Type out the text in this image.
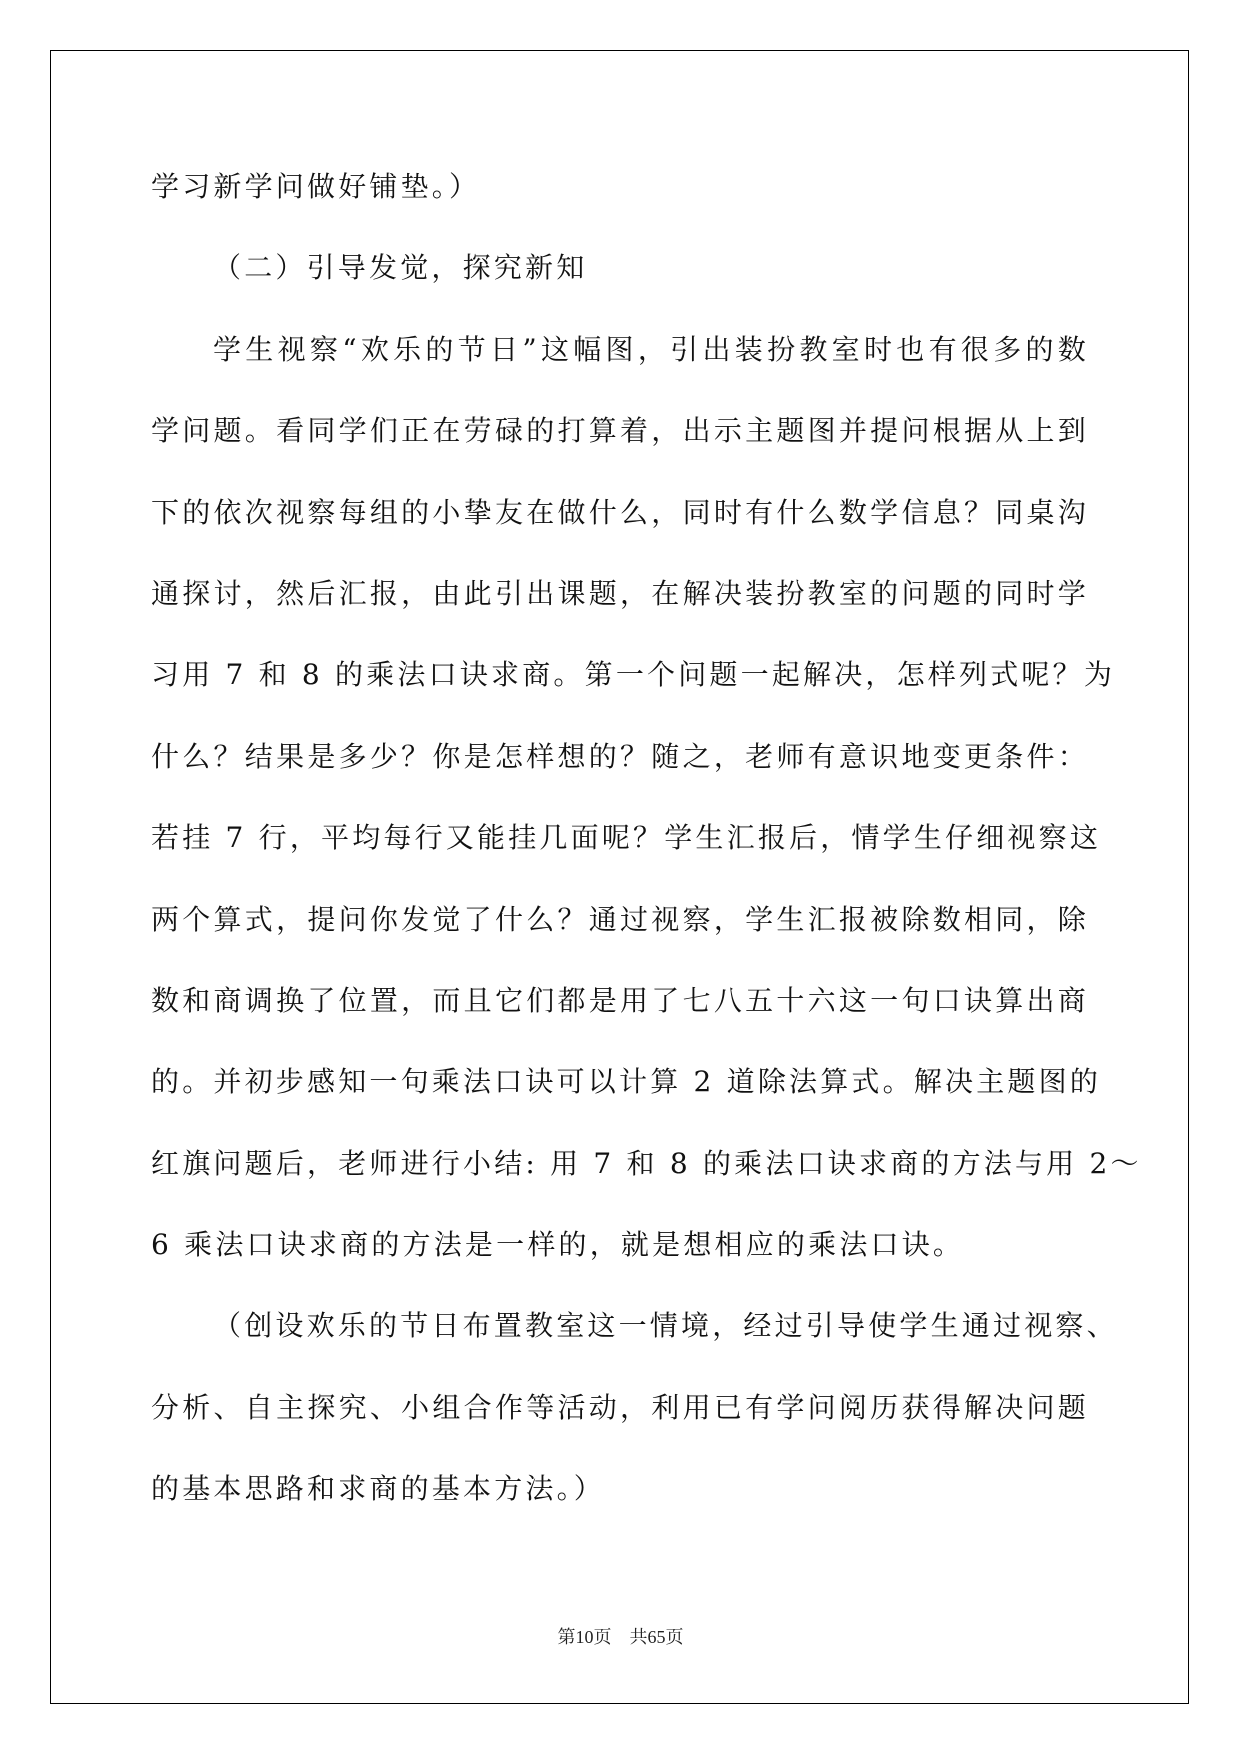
学习新学问做好铺垫。）
（二）引导发觉，探究新知
学生视察“欢乐的节日”这幅图，引出装扮教室时也有很多的数
学问题。看同学们正在劳碌的打算着，出示主题图并提问根据从上到
下的依次视察每组的小挚友在做什么，同时有什么数学信息？同桌沟
通探讨，然后汇报，由此引出课题，在解决装扮教室的问题的同时学
习用 7 和 8 的乘法口诀求商。第一个问题一起解决，怎样列式呢？为
什么？结果是多少？你是怎样想的？随之，老师有意识地变更条件：
若挂 7 行，平均每行又能挂几面呢？学生汇报后，情学生仔细视察这
两个算式，提问你发觉了什么？通过视察，学生汇报被除数相同，除
数和商调换了位置，而且它们都是用了七八五十六这一句口诀算出商
的。并初步感知一句乘法口诀可以计算 2 道除法算式。解决主题图的
红旗问题后，老师进行小结: 用 7 和 8 的乘法口诀求商的方法与用 2～
6 乘法口诀求商的方法是一样的，就是想相应的乘法口诀。
（创设欢乐的节日布置教室这一情境，经过引导使学生通过视察、
分析、自主探究、小组合作等活动，利用已有学问阅历获得解决问题
的基本思路和求商的基本方法。）
第10页 共65页
